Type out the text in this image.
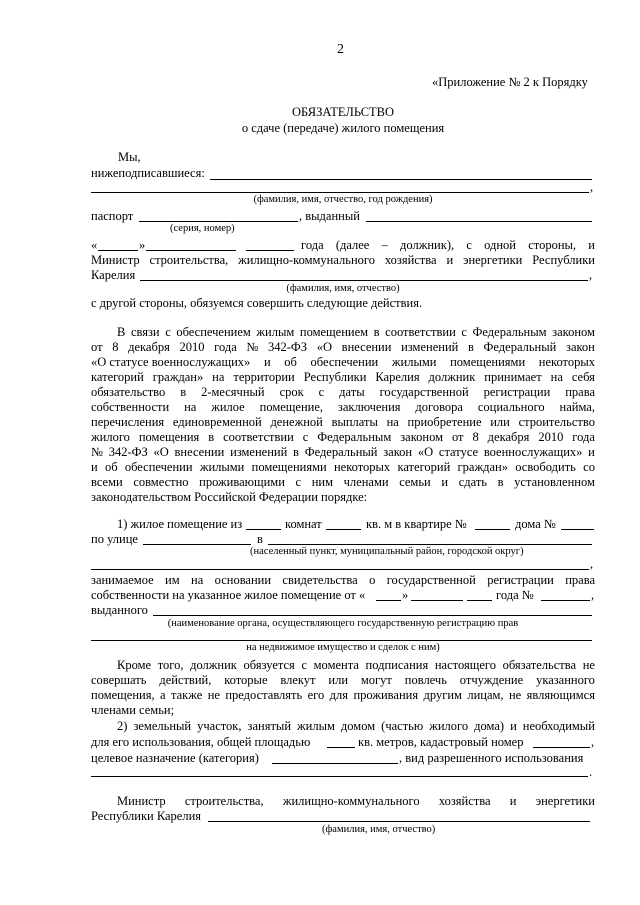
2
«Приложение № 2 к Порядку
ОБЯЗАТЕЛЬСТВО
о сдаче (передаче) жилого помещения
Мы,
нижеподписавшиеся:
,
(фамилия, имя, отчество, год рождения)
паспорт	, выданный
(серия, номер)
«	»	года (далее – должник), с одной стороны, и
Министр строительства, жилищно-коммунального хозяйства и энергетики Республики
Карелия	,
(фамилия, имя, отчество)
с другой стороны, обязуемся совершить следующие действия.
В связи с обеспечением жилым помещением в соответствии с Федеральным законом
от 8 декабря 2010 года № 342-ФЗ «О внесении изменений в Федеральный закон
«О статусе военнослужащих» и об обеспечении жилыми помещениями некоторых
категорий граждан» на территории Республики Карелия должник принимает на себя
обязательство в 2-месячный срок с даты государственной регистрации права
собственности на жилое помещение, заключения договора социального найма,
перечисления единовременной денежной выплаты на приобретение или строительство
жилого помещения в соответствии с Федеральным законом от 8 декабря 2010 года
№ 342-ФЗ «О внесении изменений в Федеральный закон «О статусе военнослужащих» и
и об обеспечении жилыми помещениями некоторых категорий граждан» освободить со
всеми совместно проживающими с ним членами семьи и сдать в установленном
законодательством Российской Федерации порядке:
1) жилое помещение из	комнат	кв. м в квартире №	дома №
по улице	в
(населенный пункт, муниципальный район, городской округ)
,
занимаемое им на основании свидетельства о государственной регистрации права
собственности на указанное жилое помещение от «	»	года №	,
выданного
(наименование органа, осуществляющего государственную регистрацию прав
на недвижимое имущество и сделок с ним)
Кроме того, должник обязуется с момента подписания настоящего обязательства не
совершать действий, которые влекут или могут повлечь отчуждение указанного
помещения, а также не предоставлять его для проживания другим лицам, не являющимся
членами семьи;
2) земельный участок, занятый жилым домом (частью жилого дома) и необходимый
для его использования, общей площадью	кв. метров, кадастровый номер	,
целевое назначение (категория)	, вид разрешенного использования
.
Министр строительства, жилищно-коммунального хозяйства и энергетики
Республики Карелия
(фамилия, имя, отчество)
